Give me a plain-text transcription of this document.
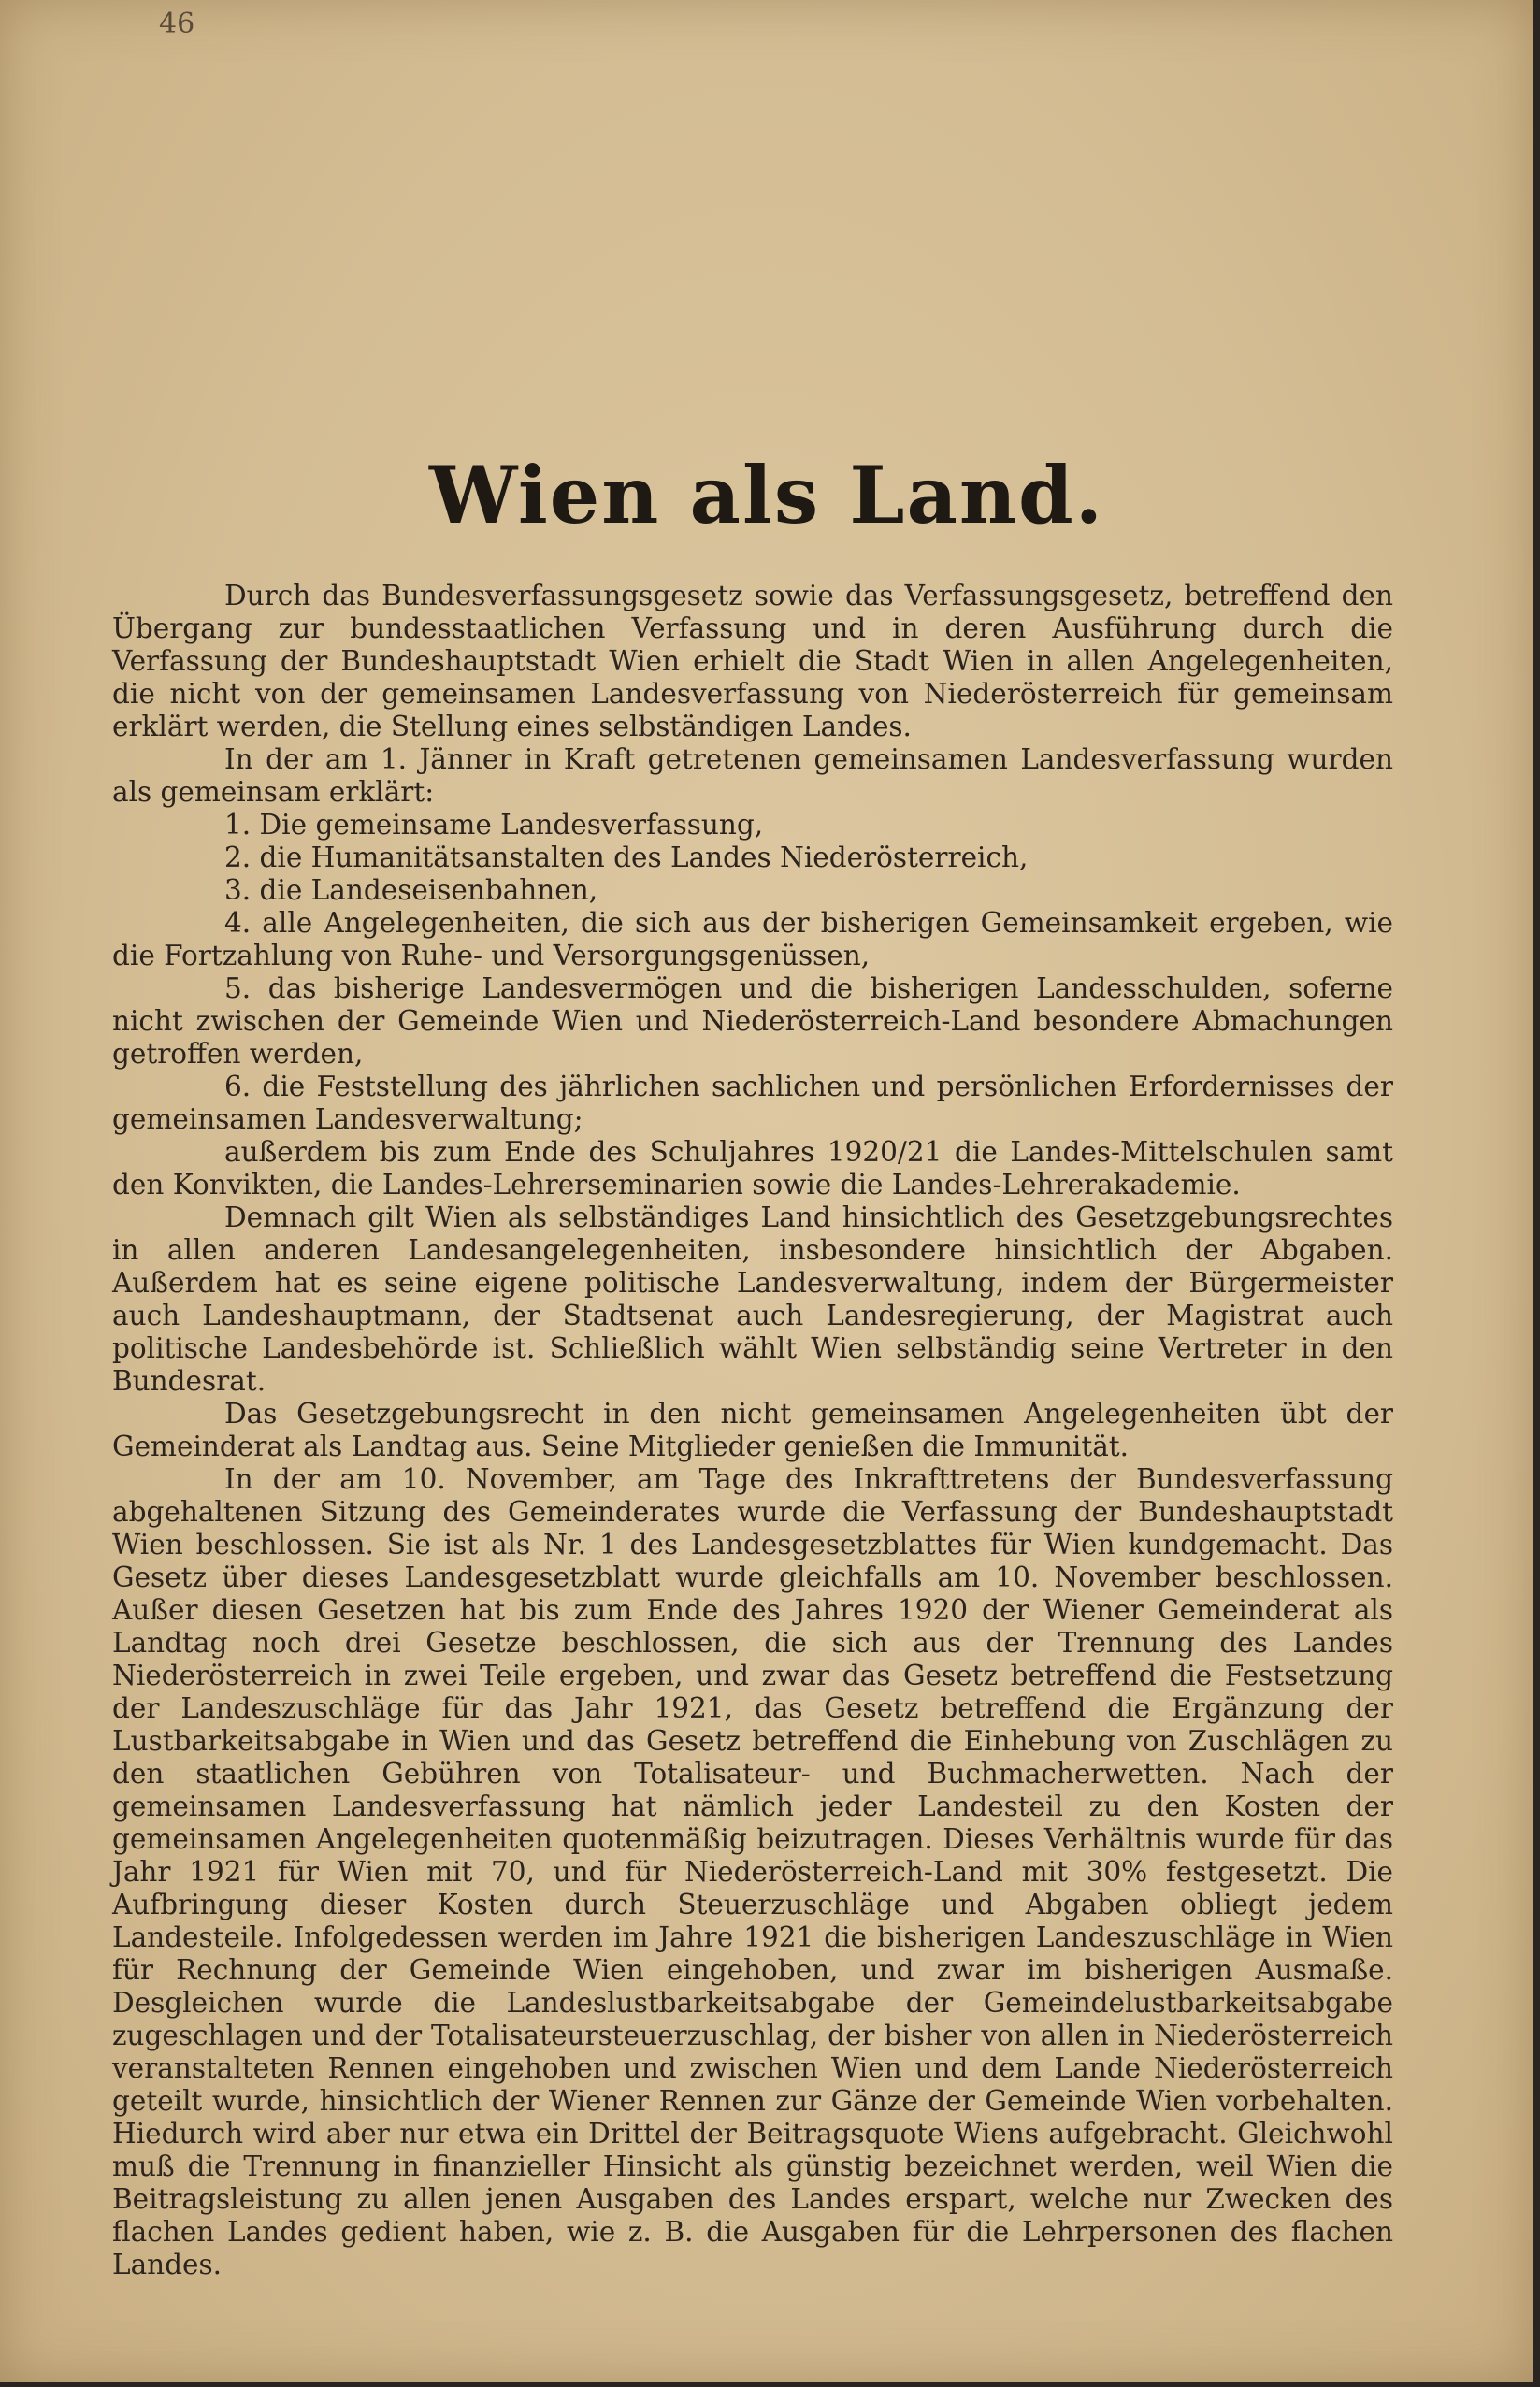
46
Wien als Land.

Durch das Bundesverfassungsgesetz sowie das Verfassungsgesetz, betreffend den Übergang zur bundesstaatlichen Verfassung und in deren Ausführung durch die Verfassung der Bundeshauptstadt Wien erhielt die Stadt Wien in allen Angelegenheiten, die nicht von der gemeinsamen Landesverfassung von Niederösterreich für gemeinsam erklärt werden, die Stellung eines selbständigen Landes.

In der am 1. Jänner in Kraft getretenen gemeinsamen Landesverfassung wurden als gemeinsam erklärt:

1. Die gemeinsame Landesverfassung,

2. die Humanitätsanstalten des Landes Niederösterreich,

3. die Landeseisenbahnen,

4. alle Angelegenheiten, die sich aus der bisherigen Gemeinsamkeit ergeben, wie die Fortzahlung von Ruhe- und Versorgungsgenüssen,

5. das bisherige Landesvermögen und die bisherigen Landesschulden, soferne nicht zwischen der Gemeinde Wien und Niederösterreich-Land besondere Abmachungen getroffen werden,

6. die Feststellung des jährlichen sachlichen und persönlichen Erfordernisses der gemeinsamen Landesverwaltung;

außerdem bis zum Ende des Schuljahres 1920/21 die Landes-Mittelschulen samt den Konvikten, die Landes-Lehrerseminarien sowie die Landes-Lehrerakademie.

Demnach gilt Wien als selbständiges Land hinsichtlich des Gesetzgebungsrechtes in allen anderen Landesangelegenheiten, insbesondere hinsichtlich der Abgaben. Außerdem hat es seine eigene politische Landesverwaltung, indem der Bürgermeister auch Landeshauptmann, der Stadtsenat auch Landesregierung, der Magistrat auch politische Landesbehörde ist. Schließlich wählt Wien selbständig seine Vertreter in den Bundesrat.

Das Gesetzgebungsrecht in den nicht gemeinsamen Angelegenheiten übt der Gemeinderat als Landtag aus. Seine Mitglieder genießen die Immunität.

In der am 10. November, am Tage des Inkrafttretens der Bundesverfassung abgehaltenen Sitzung des Gemeinderates wurde die Verfassung der Bundeshauptstadt Wien beschlossen. Sie ist als Nr. 1 des Landesgesetzblattes für Wien kundgemacht. Das Gesetz über dieses Landesgesetzblatt wurde gleichfalls am 10. November beschlossen. Außer diesen Gesetzen hat bis zum Ende des Jahres 1920 der Wiener Gemeinderat als Landtag noch drei Gesetze beschlossen, die sich aus der Trennung des Landes Niederösterreich in zwei Teile ergeben, und zwar das Gesetz betreffend die Festsetzung der Landeszuschläge für das Jahr 1921, das Gesetz betreffend die Ergänzung der Lustbarkeitsabgabe in Wien und das Gesetz betreffend die Einhebung von Zuschlägen zu den staatlichen Gebühren von Totalisateur- und Buchmacherwetten. Nach der gemeinsamen Landesverfassung hat nämlich jeder Landesteil zu den Kosten der gemeinsamen Angelegenheiten quotenmäßig beizutragen. Dieses Verhältnis wurde für das Jahr 1921 für Wien mit 70, und für Niederösterreich-Land mit 30% festgesetzt. Die Aufbringung dieser Kosten durch Steuerzuschläge und Abgaben obliegt jedem Landesteile. Infolgedessen werden im Jahre 1921 die bisherigen Landeszuschläge in Wien für Rechnung der Gemeinde Wien eingehoben, und zwar im bisherigen Ausmaße. Desgleichen wurde die Landeslustbarkeitsabgabe der Gemeindelustbarkeitsabgabe zugeschlagen und der Totalisateursteuerzuschlag, der bisher von allen in Niederösterreich veranstalteten Rennen eingehoben und zwischen Wien und dem Lande Niederösterreich geteilt wurde, hinsichtlich der Wiener Rennen zur Gänze der Gemeinde Wien vorbehalten. Hiedurch wird aber nur etwa ein Drittel der Beitragsquote Wiens aufgebracht. Gleichwohl muß die Trennung in finanzieller Hinsicht als günstig bezeichnet werden, weil Wien die Beitragsleistung zu allen jenen Ausgaben des Landes erspart, welche nur Zwecken des flachen Landes gedient haben, wie z. B. die Ausgaben für die Lehrpersonen des flachen Landes.
